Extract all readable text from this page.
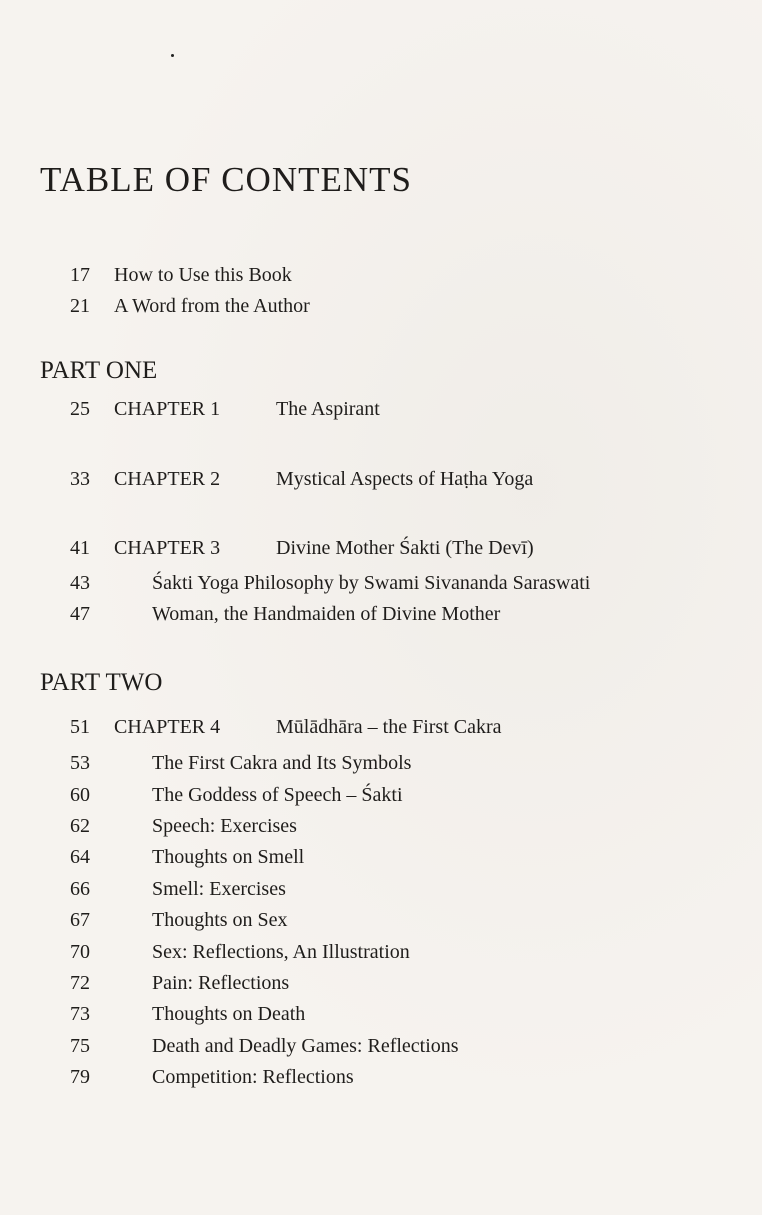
TABLE OF CONTENTS
17 How to Use this Book
21 A Word from the Author
PART ONE
25 CHAPTER 1	The Aspirant
33 CHAPTER 2	Mystical Aspects of Haṭha Yoga
41 CHAPTER 3	Divine Mother Śakti (The Devī)
43	Śakti Yoga Philosophy by Swami Sivananda Saraswati
47	Woman, the Handmaiden of Divine Mother
PART TWO
51 CHAPTER 4	Mūlādhāra – the First Cakra
53	The First Cakra and Its Symbols
60	The Goddess of Speech – Śakti
62	Speech: Exercises
64	Thoughts on Smell
66	Smell: Exercises
67	Thoughts on Sex
70	Sex: Reflections, An Illustration
72	Pain: Reflections
73	Thoughts on Death
75	Death and Deadly Games: Reflections
79	Competition: Reflections
